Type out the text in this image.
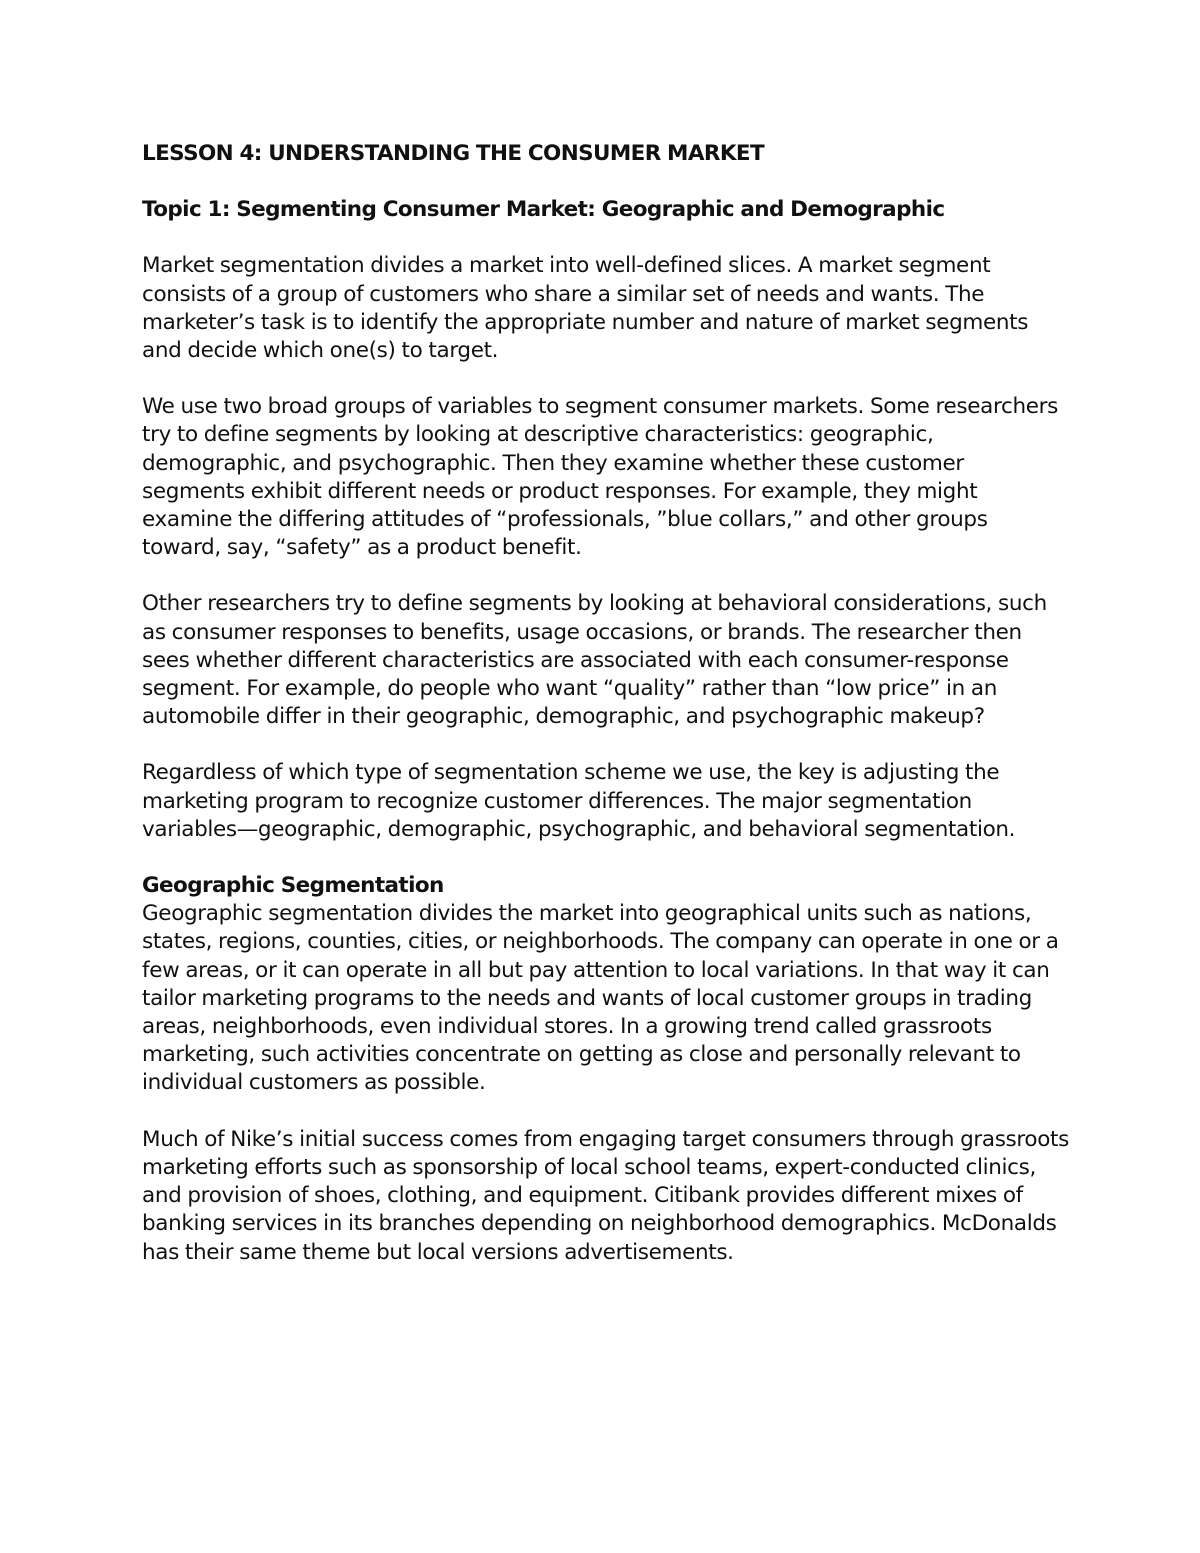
LESSON 4: UNDERSTANDING THE CONSUMER MARKET
Topic 1: Segmenting Consumer Market: Geographic and Demographic

Market segmentation divides a market into well-defined slices. A market segment consists of a group of customers who share a similar set of needs and wants. The marketer’s task is to identify the appropriate number and nature of market segments and decide which one(s) to target.

We use two broad groups of variables to segment consumer markets. Some researchers try to define segments by looking at descriptive characteristics: geographic, demographic, and psychographic. Then they examine whether these customer segments exhibit different needs or product responses. For example, they might examine the differing attitudes of “professionals, ”blue collars,” and other groups toward, say, “safety” as a product benefit.

Other researchers try to define segments by looking at behavioral considerations, such as consumer responses to benefits, usage occasions, or brands. The researcher then sees whether different characteristics are associated with each consumer-response segment. For example, do people who want “quality” rather than “low price” in an automobile differ in their geographic, demographic, and psychographic makeup?

Regardless of which type of segmentation scheme we use, the key is adjusting the marketing program to recognize customer differences. The major segmentation variables—geographic, demographic, psychographic, and behavioral segmentation.

Geographic Segmentation

Geographic segmentation divides the market into geographical units such as nations, states, regions, counties, cities, or neighborhoods. The company can operate in one or a few areas, or it can operate in all but pay attention to local variations. In that way it can tailor marketing programs to the needs and wants of local customer groups in trading areas, neighborhoods, even individual stores. In a growing trend called grassroots marketing, such activities concentrate on getting as close and personally relevant to individual customers as possible.

Much of Nike’s initial success comes from engaging target consumers through grassroots marketing efforts such as sponsorship of local school teams, expert-conducted clinics, and provision of shoes, clothing, and equipment. Citibank provides different mixes of banking services in its branches depending on neighborhood demographics. McDonalds has their same theme but local versions advertisements.
